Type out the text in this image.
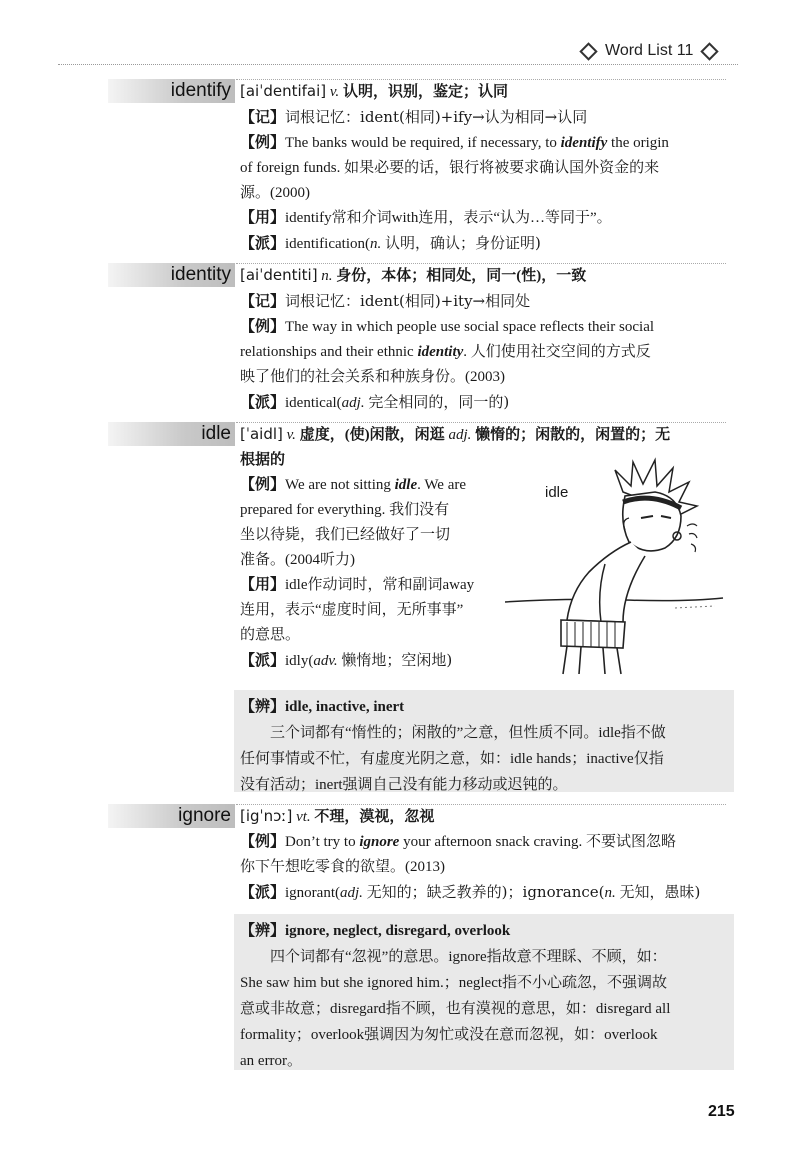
Word List 11
identify [aiˈdentifai] v. 认明，识别，鉴定；认同

【记】词根记忆：ident(相同)+ify→认为相同→认同

【例】The banks would be required, if necessary, to identify the origin

of foreign funds. 如果必要的话，银行将被要求确认国外资金的来

源。(2000)

【用】identify常和介词with连用，表示“认为…等同于”。

【派】identification(n. 认明，确认；身份证明)

identity [aiˈdentiti] n. 身份，本体；相同处，同一(性)，一致

【记】词根记忆：ident(相同)+ity→相同处

【例】The way in which people use social space reflects their social

relationships and their ethnic identity. 人们使用社交空间的方式反

映了他们的社会关系和种族身份。(2003)

【派】identical(adj. 完全相同的，同一的)

idle [ˈaidl] v. 虚度，(使)闲散，闲逛 adj. 懒惰的；闲散的，闲置的；无

根据的

【例】We are not sitting idle. We are

prepared for everything. 我们没有

坐以待毙，我们已经做好了一切

准备。(2004听力)

【用】idle作动词时，常和副词away

连用，表示“虚度时间，无所事事”

的意思。

【派】idly(adv. 懒惰地；空闲地)

idle
【辨】idle, inactive, inert
三个词都有“惰性的；闲散的”之意，但性质不同。idle指不做
任何事情或不忙，有虚度光阴之意，如：idle hands；inactive仅指
没有活动；inert强调自己没有能力移动或迟钝的。
ignore [igˈnɔː] vt. 不理，漠视，忽视

【例】Don’t try to ignore your afternoon snack craving. 不要试图忽略

你下午想吃零食的欲望。(2013)

【派】ignorant(adj. 无知的；缺乏教养的)；ignorance(n. 无知，愚昧)

【辨】ignore, neglect, disregard, overlook
四个词都有“忽视”的意思。ignore指故意不理睬、不顾，如：
She saw him but she ignored him.；neglect指不小心疏忽，不强调故
意或非故意；disregard指不顾，也有漠视的意思，如：disregard all
formality；overlook强调因为匆忙或没在意而忽视，如：overlook
an error。
215
